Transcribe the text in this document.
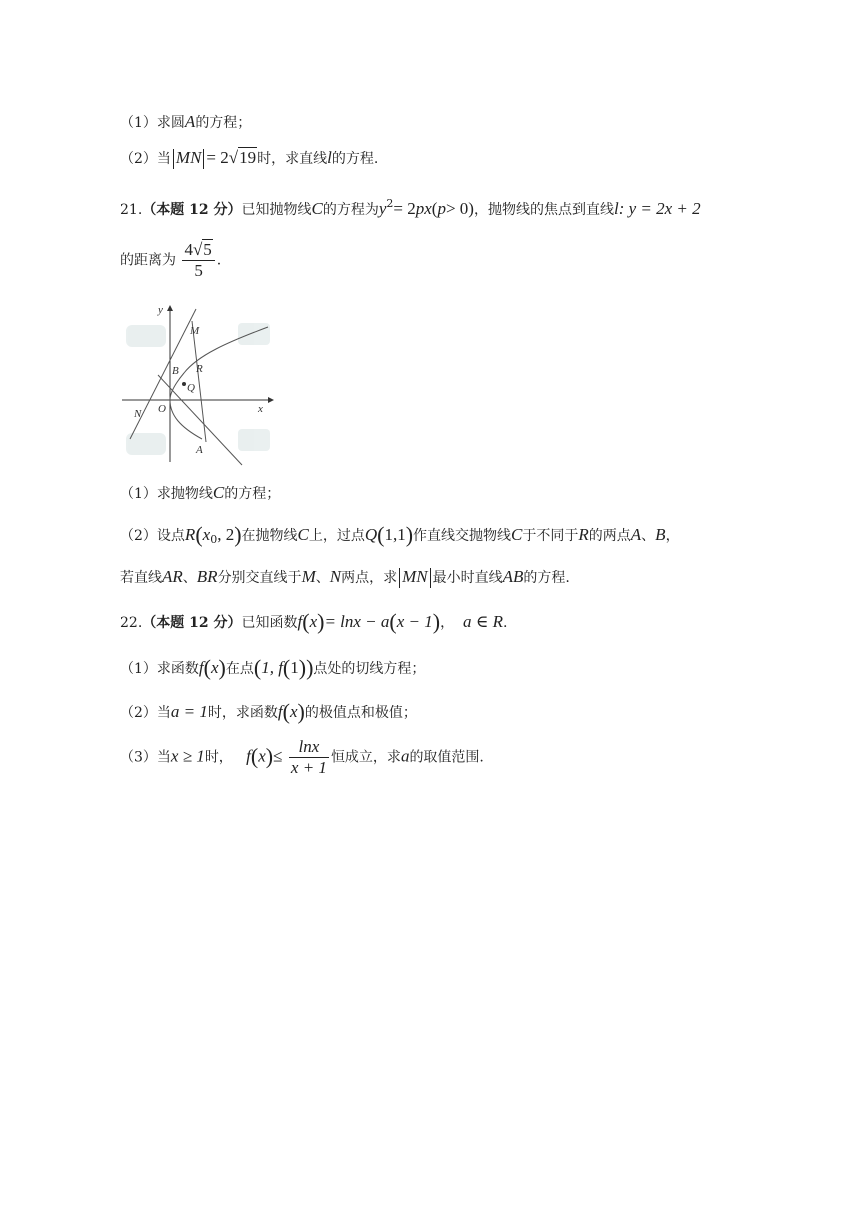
（1）求圆A的方程；
（2）当 MN = 2√19时，求直线l的方程.
21.（本题 12 分）已知抛物线C的方程为$y^2= 2px(p> 0)$，抛物线的焦点到直线l: y = 2x + 2
的距离为 $\frac{4√5}{5}$ .
y
x
M
B R
Q
N O
A
（1）求抛物线C的方程；
（2）设点$R(x_0$, 2)在抛物线C上，过点Q(1,1)作直线交抛物线C于不同于R的两点A、B，
若直线AR、BR分别交直线于M、N两点，求 MN 最小时直线AB的方程.
22.（本题 12 分）已知函数f(x)= lnx − a(x − 1)， a ∈ R.
（1）求函数f(x)在点(1, f(1))点处的切线方程；
（2）当a = 1时，求函数f(x)的极值点和极值；
（3）当x ≥ 1时， $f(x)\le \frac{\ln x}{x + 1}$ 恒成立，求a的取值范围.
